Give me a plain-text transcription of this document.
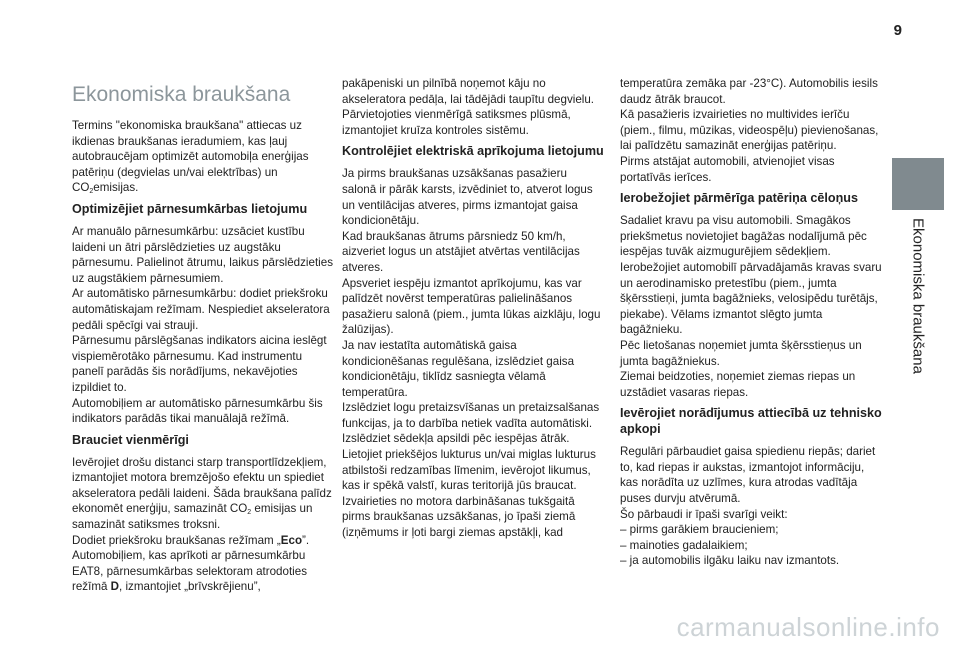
9
Ekonomiska braukšana
Ekonomiska braukšana

Termins "ekonomiska braukšana" attiecas uz ikdienas braukšanas ieradumiem, kas ļauj autobraucējam optimizēt automobiļa enerģijas patēriņu (degvielas un/vai elektrības) un $CO_2emisijas$.

Optimizējiet pārnesumkārbas lietojumu

Ar manuālo pārnesumkārbu: uzsāciet kustību laideni un ātri pārslēdzieties uz augstāku pārnesumu. Palielinot ātrumu, laikus pārslēdzieties uz augstākiem pārnesumiem.

Ar automātisko pārnesumkārbu: dodiet priekšroku automātiskajam režīmam. Nespiediet akseleratora pedāli spēcīgi vai strauji.

Pārnesumu pārslēgšanas indikators aicina ieslēgt vispiemērotāko pārnesumu. Kad instrumentu panelī parādās šis norādījums, nekavējoties izpildiet to.

Automobiļiem ar automātisko pārnesumkārbu šis indikators parādās tikai manuālajā režīmā.

Brauciet vienmērīgi

Ievērojiet drošu distanci starp transportlīdzekļiem, izmantojiet motora bremzējošo efektu un spiediet akseleratora pedāli laideni. Šāda braukšana palīdz ekonomēt enerģiju, samazināt $CO_2$ emisijas un samazināt satiksmes troksni.

Dodiet priekšroku braukšanas režīmam „Eco”. Automobiļiem, kas aprīkoti ar pārnesumkārbu EAT8, pārnesumkārbas selektoram atrodoties režīmā D, izmantojiet „brīvskrējienu”,

pakāpeniski un pilnībā noņemot kāju no akseleratora pedāļa, lai tādējādi taupītu degvielu.

Pārvietojoties vienmērīgā satiksmes plūsmā, izmantojiet kruīza kontroles sistēmu.

Kontrolējiet elektriskā aprīkojuma lietojumu

Ja pirms braukšanas uzsākšanas pasažieru salonā ir pārāk karsts, izvēdiniet to, atverot logus un ventilācijas atveres, pirms izmantojat gaisa kondicionētāju.

Kad braukšanas ātrums pārsniedz 50 km/h, aizveriet logus un atstājiet atvērtas ventilācijas atveres.

Apsveriet iespēju izmantot aprīkojumu, kas var palīdzēt novērst temperatūras palielināšanos pasažieru salonā (piem., jumta lūkas aizklāju, logu žalūzijas).

Ja nav iestatīta automātiskā gaisa kondicionēšanas regulēšana, izslēdziet gaisa kondicionētāju, tiklīdz sasniegta vēlamā temperatūra.

Izslēdziet logu pretaizsvīšanas un pretaizsalšanas funkcijas, ja to darbība netiek vadīta automātiski.

Izslēdziet sēdekļa apsildi pēc iespējas ātrāk.

Lietojiet priekšējos lukturus un/vai miglas lukturus atbilstoši redzamības līmenim, ievērojot likumus, kas ir spēkā valstī, kuras teritorijā jūs braucat.

Izvairieties no motora darbināšanas tukšgaitā pirms braukšanas uzsākšanas, jo īpaši ziemā (izņēmums ir ļoti bargi ziemas apstākļi, kad

temperatūra zemāka par -23°C). Automobilis iesils daudz ātrāk braucot.

Kā pasažieris izvairieties no multivides ierīču (piem., filmu, mūzikas, videospēļu) pievienošanas, lai palīdzētu samazināt enerģijas patēriņu.

Pirms atstājat automobili, atvienojiet visas portatīvās ierīces.

Ierobežojiet pārmērīga patēriņa cēloņus

Sadaliet kravu pa visu automobili. Smagākos priekšmetus novietojiet bagāžas nodalījumā pēc iespējas tuvāk aizmugurējiem sēdekļiem.

Ierobežojiet automobilī pārvadājamās kravas svaru un aerodinamisko pretestību (piem., jumta šķērsstieņi, jumta bagāžnieks, velosipēdu turētājs, piekabe). Vēlams izmantot slēgto jumta bagāžnieku.

Pēc lietošanas noņemiet jumta šķērsstieņus un jumta bagāžniekus.

Ziemai beidzoties, noņemiet ziemas riepas un uzstādiet vasaras riepas.

Ievērojiet norādījumus attiecībā uz tehnisko apkopi

Regulāri pārbaudiet gaisa spiedienu riepās; dariet to, kad riepas ir aukstas, izmantojot informāciju, kas norādīta uz uzlīmes, kura atrodas vadītāja puses durvju atvērumā.

Šo pārbaudi ir īpaši svarīgi veikt:

– pirms garākiem braucieniem;
– mainoties gadalaikiem;
– ja automobilis ilgāku laiku nav izmantots.
carmanualsonline.info
